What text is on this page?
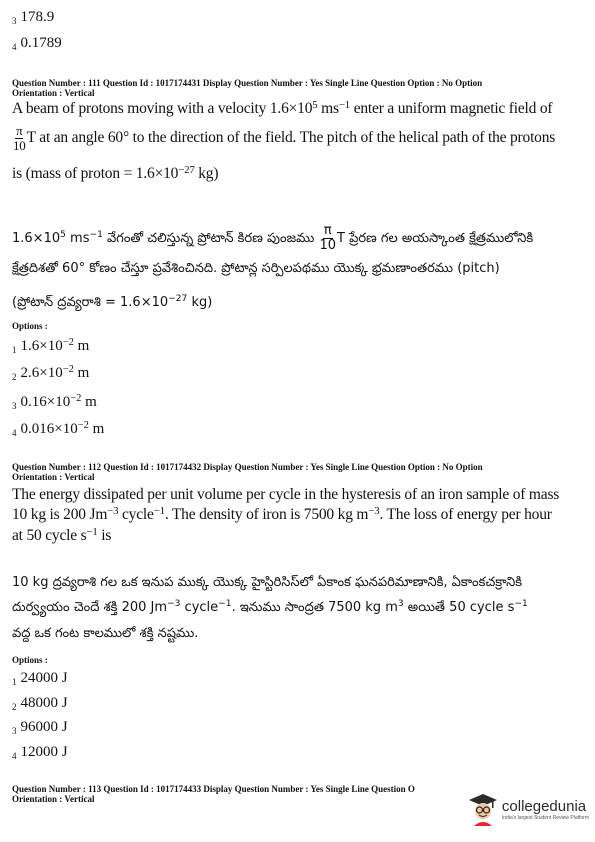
3 178.9
4 0.1789
Question Number : 111 Question Id : 1017174431 Display Question Number : Yes Single Line Question Option : No Option
Orientation : Vertical
A beam of protons moving with a velocity $1.6\times 10^5$ $ms^{-1}$ enter a uniform magnetic field of
$\frac{\pi}{10}$ T at an angle 60° to the direction of the field. The pitch of the helical path of the protons
is (mass of proton = $1.6\times 10^{-27}$ kg)
$1.6\times 10^5$ $ms^{-1}$ వేగంతో చలిస్తున్న ప్రోటాన్ కిరణ పుంజము $\frac{\pi}{10}$ T ప్రేరణ గల అయస్కాంత క్షేత్రములోనికి
క్షేత్రదిశతో 60° కోణం చేస్తూ ప్రవేశించినది. ప్రోటాన్ల సర్పిలపథము యొక్క భ్రమణాంతరము (pitch)
(ప్రోటాన్ ద్రవ్యరాశి = $1.6\times 10^{-27}$ kg)
Options :
1 $1.6\times 10^{-2}$ m
2 $2.6\times 10^{-2}$ m
3 $0.16\times 10^{-2}$ m
4 $0.016\times 10^{-2}$ m
Question Number : 112 Question Id : 1017174432 Display Question Number : Yes Single Line Question Option : No Option
Orientation : Vertical
The energy dissipated per unit volume per cycle in the hysteresis of an iron sample of mass
10 kg is 200 $Jm^{-3}$ cycle$^{-1}$. The density of iron is 7500 kg $m^{-3}$. The loss of energy per hour
at 50 cycle $s^{-1}$ is
10 kg ద్రవ్యరాశి గల ఒక ఇనుప ముక్క యొక్క హైస్టిరిసిస్‌లో ఏకాంక ఘనపరిమాణానికి, ఏకాంకచక్రానికి
దుర్వ్యయం చెందే శక్తి 200 $Jm^{-3}$ cycle$^{-1}$. ఇనుము సాంద్రత 7500 kg $m^3$ అయితే 50 cycle $s^{-1}$
వద్ద ఒక గంట కాలములో శక్తి నష్టము.
Options :
1 24000 J
2 48000 J
3 96000 J
4 12000 J
Question Number : 113 Question Id : 1017174433 Display Question Number : Yes Single Line Question O
Orientation : Vertical	collegedunia
India's largest Student Review Platform
